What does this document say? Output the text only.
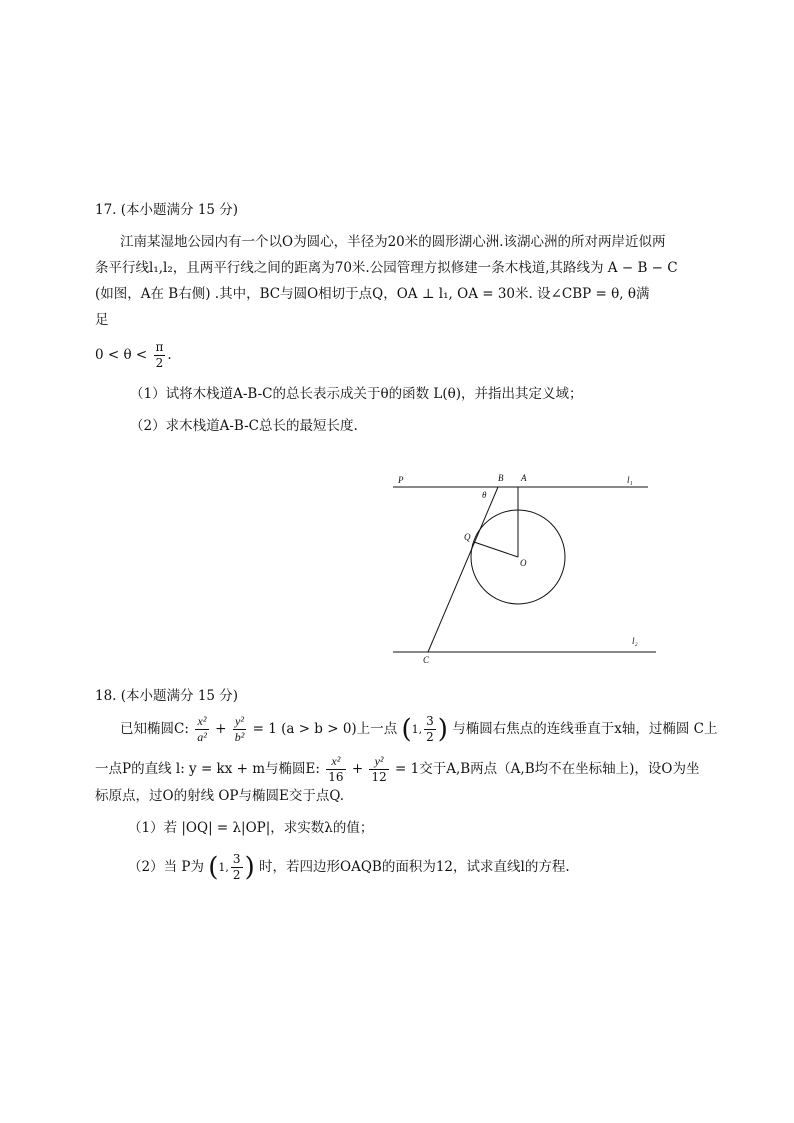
17. (本小题满分 15 分)
江南某湿地公园内有一个以O为圆心，半径为20米的圆形湖心洲.该湖心洲的所对两岸近似两
条平行线l₁,l₂，且两平行线之间的距离为70米.公园管理方拟修建一条木栈道,其路线为 A − B − C
(如图，A在 B右侧) .其中，BC与圆O相切于点Q，OA ⊥ l₁, OA = 30米. 设∠CBP = θ, θ满
足
$0 < \theta < \frac{\pi}{2}$ .
（1）试将木栈道A-B-C的总长表示成关于θ的函数 L(θ)，并指出其定义域；
（2）求木栈道A-B-C总长的最短长度.
P	B A	l₁
θ
Q
O
l₂
C
18. (本小题满分 15 分)
已知椭圆C: $\frac{\text{x²}}{\text{a²}} + \frac{\text{y²}}{\text{b²}} = 1$ (a > b > 0)上一点 (1, $\frac{3}{2}$ ) 与椭圆右焦点的连线垂直于x轴，过椭圆 C上
一点P的直线 l: y = kx + m与椭圆E: $\frac{\text{x²}}{16} + \frac{\text{y²}}{12} = 1$交于A,B两点（A,B均不在坐标轴上)，设O为坐
标原点，过O的射线 OP与椭圆E交于点Q.
（1）若 |OQ| = λ|OP|，求实数λ的值；
（2）当 P为 (1, $\frac{3}{2}$ ) 时，若四边形OAQB的面积为12，试求直线l的方程.
